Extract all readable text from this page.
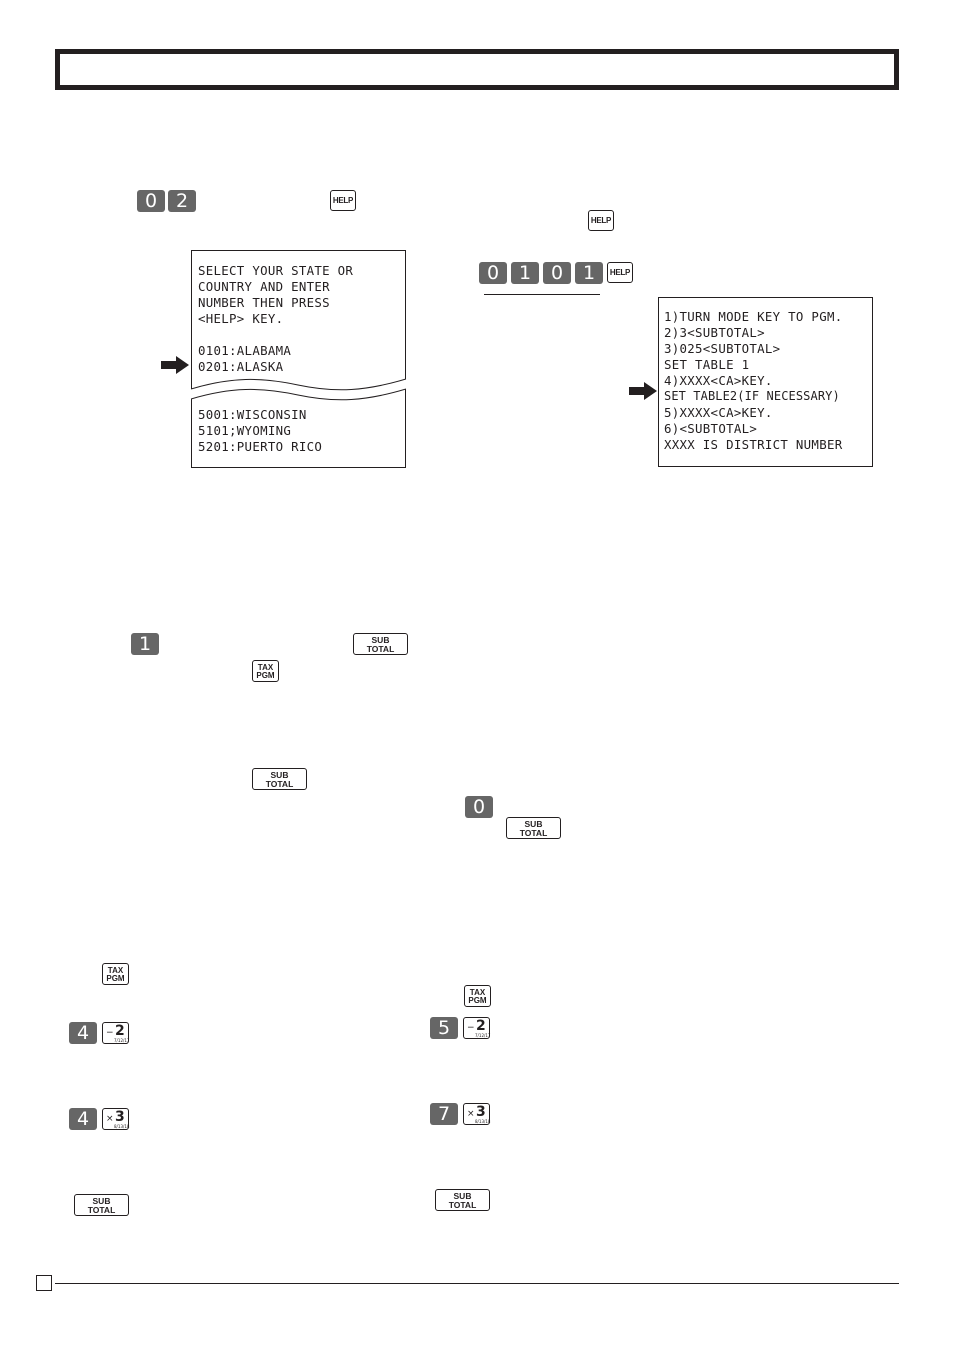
0 2	HELP
SELECT YOUR STATE OR
COUNTRY AND ENTER
NUMBER THEN PRESS
<HELP> KEY.
0101:ALABAMA
0201:ALASKA
5001:WISCONSIN
5101;WYOMING
5201:PUERTO RICO
HELP
0	1	0	1	HELP
1)TURN MODE KEY TO PGM.
2)3<SUBTOTAL>
3)025<SUBTOTAL>
SET TABLE 1
4)XXXX<CA>KEY.
SET TABLE2(IF NECESSARY)
5)XXXX<CA>KEY.
6)<SUBTOTAL>
XXXX IS DISTRICT NUMBER
1	SUB
TOTAL
TAX
PGM
SUB
TOTAL
0
SUB
TOTAL
TAX
PGM
4	− 2
7/12/17
4	× 3
8/13/18
SUB
TOTAL
TAX
PGM
5	− 2
7/12/17
7	× 3
8/13/18
SUB
TOTAL
